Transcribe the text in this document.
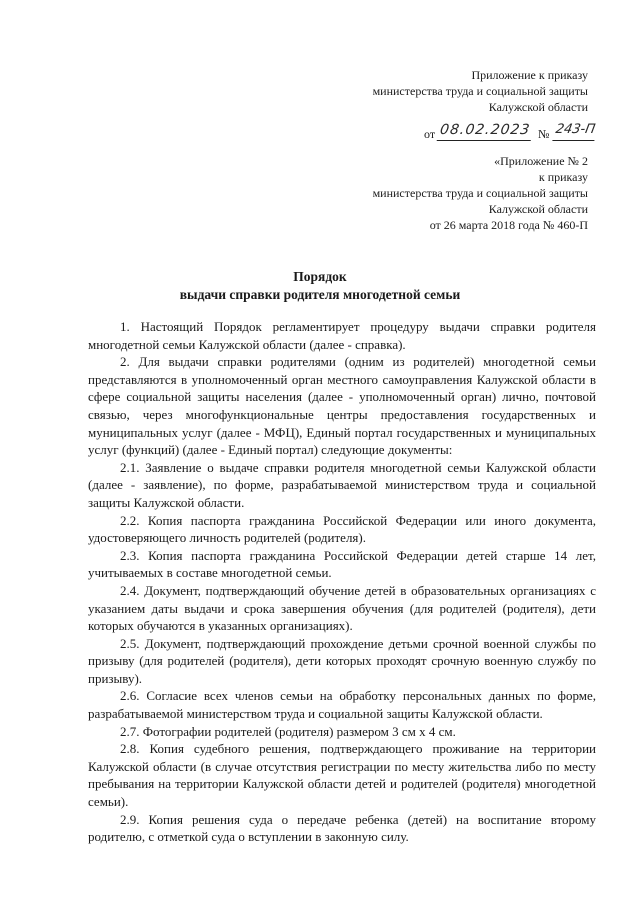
Приложение к приказу
министерства труда и социальной защиты
Калужской области
от 08.02.2023 № 243-П
«Приложение № 2
к приказу
министерства труда и социальной защиты
Калужской области
от 26 марта 2018 года № 460-П
Порядок
выдачи справки родителя многодетной семьи

1. Настоящий Порядок регламентирует процедуру выдачи справки родителя многодетной семьи Калужской области (далее - справка).

2. Для выдачи справки родителями (одним из родителей) многодетной семьи представляются в уполномоченный орган местного самоуправления Калужской области в сфере социальной защиты населения (далее - уполномоченный орган) лично, почтовой связью, через многофункциональные центры предоставления государственных и муниципальных услуг (далее - МФЦ), Единый портал государственных и муниципальных услуг (функций) (далее - Единый портал) следующие документы:

2.1. Заявление о выдаче справки родителя многодетной семьи Калужской области (далее - заявление), по форме, разрабатываемой министерством труда и социальной защиты Калужской области.

2.2. Копия паспорта гражданина Российской Федерации или иного документа, удостоверяющего личность родителей (родителя).

2.3. Копия паспорта гражданина Российской Федерации детей старше 14 лет, учитываемых в составе многодетной семьи.

2.4. Документ, подтверждающий обучение детей в образовательных организациях с указанием даты выдачи и срока завершения обучения (для родителей (родителя), дети которых обучаются в указанных организациях).

2.5. Документ, подтверждающий прохождение детьми срочной военной службы по призыву (для родителей (родителя), дети которых проходят срочную военную службу по призыву).

2.6. Согласие всех членов семьи на обработку персональных данных по форме, разрабатываемой министерством труда и социальной защиты Калужской области.

2.7. Фотографии родителей (родителя) размером 3 см х 4 см.

2.8. Копия судебного решения, подтверждающего проживание на территории Калужской области (в случае отсутствия регистрации по месту жительства либо по месту пребывания на территории Калужской области детей и родителей (родителя) многодетной семьи).

2.9. Копия решения суда о передаче ребенка (детей) на воспитание второму родителю, с отметкой суда о вступлении в законную силу.
